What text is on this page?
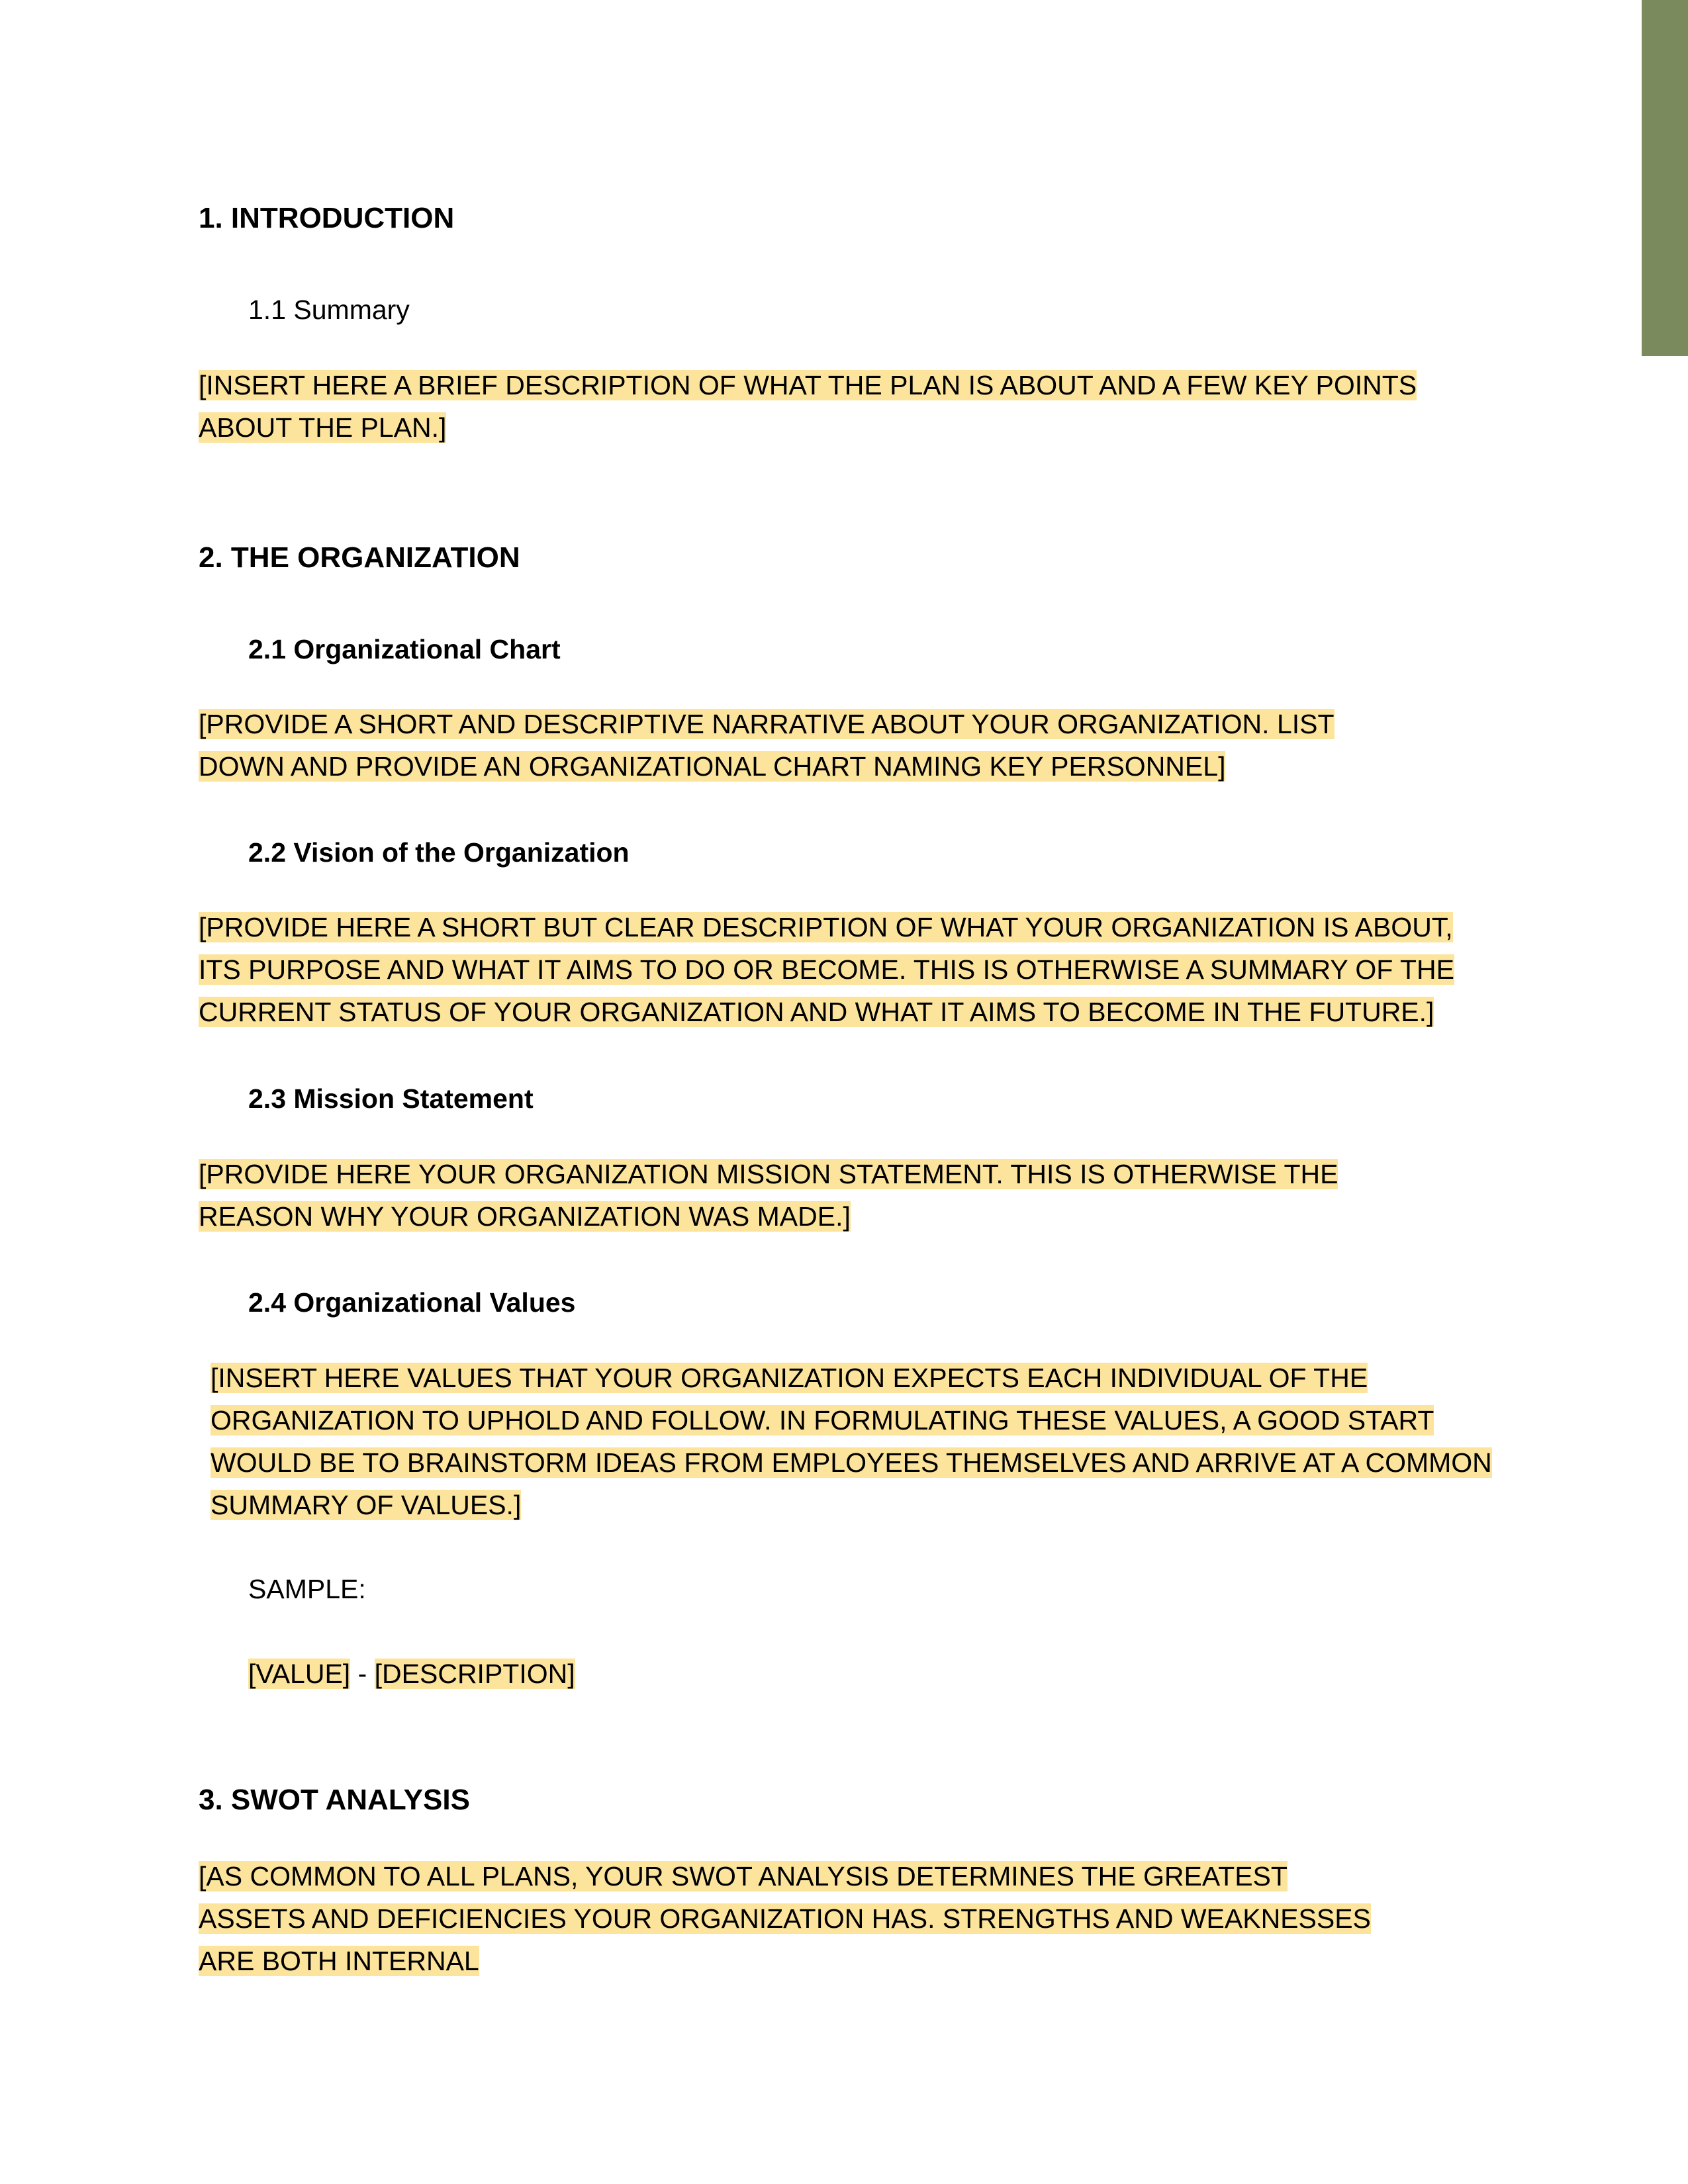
1. INTRODUCTION

1.1 Summary

[INSERT HERE A BRIEF DESCRIPTION OF WHAT THE PLAN IS ABOUT AND A FEW KEY POINTS ABOUT THE PLAN.]

2. THE ORGANIZATION

2.1 Organizational Chart

[PROVIDE A SHORT AND DESCRIPTIVE NARRATIVE ABOUT YOUR ORGANIZATION. LIST DOWN AND PROVIDE AN ORGANIZATIONAL CHART NAMING KEY PERSONNEL]

2.2 Vision of the Organization

[PROVIDE HERE A SHORT BUT CLEAR DESCRIPTION OF WHAT YOUR ORGANIZATION IS ABOUT, ITS PURPOSE AND WHAT IT AIMS TO DO OR BECOME. THIS IS OTHERWISE A SUMMARY OF THE CURRENT STATUS OF YOUR ORGANIZATION AND WHAT IT AIMS TO BECOME IN THE FUTURE.]

2.3 Mission Statement

[PROVIDE HERE YOUR ORGANIZATION MISSION STATEMENT. THIS IS OTHERWISE THE REASON WHY YOUR ORGANIZATION WAS MADE.]

2.4 Organizational Values

[INSERT HERE VALUES THAT YOUR ORGANIZATION EXPECTS EACH INDIVIDUAL OF THE ORGANIZATION TO UPHOLD AND FOLLOW. IN FORMULATING THESE VALUES, A GOOD START WOULD BE TO BRAINSTORM IDEAS FROM EMPLOYEES THEMSELVES AND ARRIVE AT A COMMON SUMMARY OF VALUES.]

SAMPLE:

[VALUE] - [DESCRIPTION]

3. SWOT ANALYSIS

[AS COMMON TO ALL PLANS, YOUR SWOT ANALYSIS DETERMINES THE GREATEST ASSETS AND DEFICIENCIES YOUR ORGANIZATION HAS. STRENGTHS AND WEAKNESSES ARE BOTH INTERNAL
